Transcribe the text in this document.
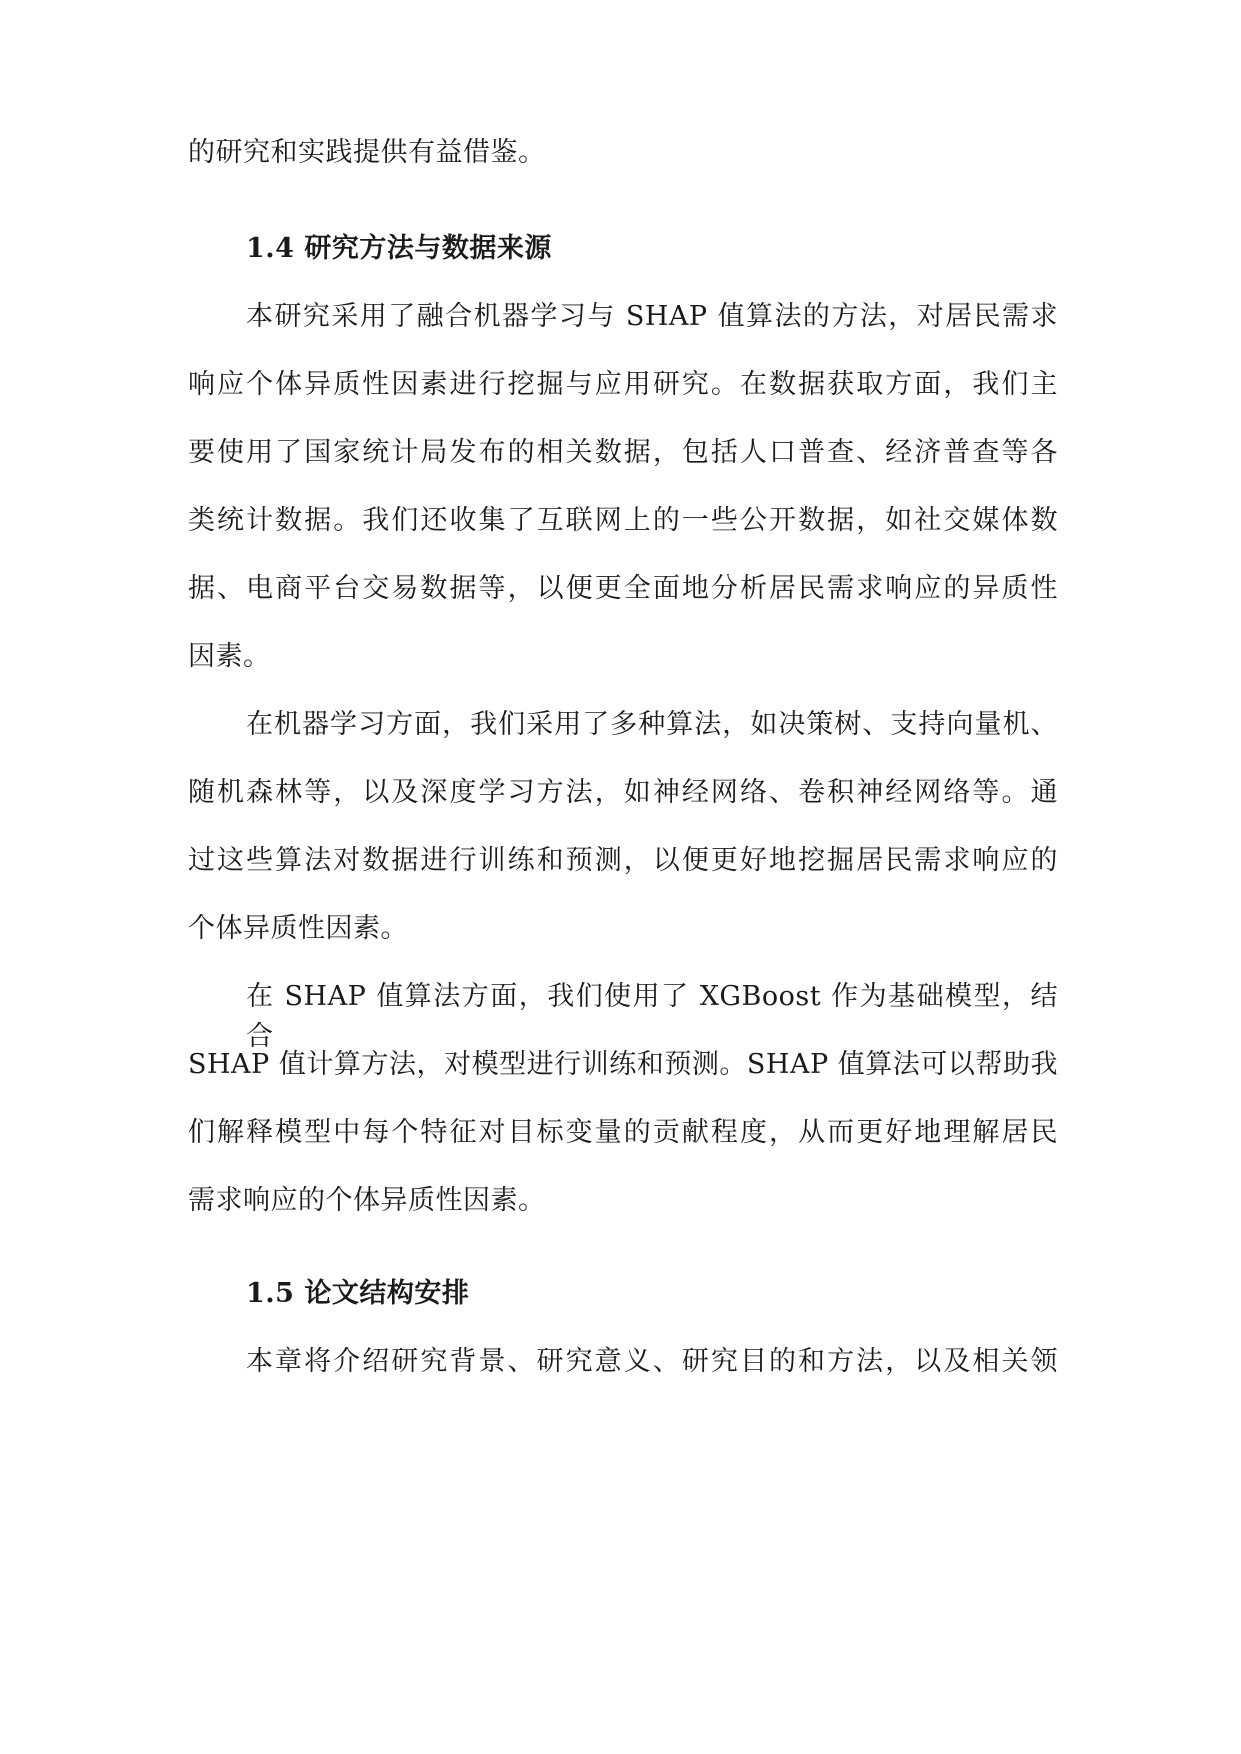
的研究和实践提供有益借鉴。
1.4 研究方法与数据来源
本研究采用了融合机器学习与 SHAP 值算法的方法，对居民需求
响应个体异质性因素进行挖掘与应用研究。在数据获取方面，我们主
要使用了国家统计局发布的相关数据，包括人口普查、经济普查等各
类统计数据。我们还收集了互联网上的一些公开数据，如社交媒体数
据、电商平台交易数据等，以便更全面地分析居民需求响应的异质性
因素。
在机器学习方面，我们采用了多种算法，如决策树、支持向量机、
随机森林等，以及深度学习方法，如神经网络、卷积神经网络等。通
过这些算法对数据进行训练和预测，以便更好地挖掘居民需求响应的
个体异质性因素。
在 SHAP 值算法方面，我们使用了 XGBoost 作为基础模型，结合
SHAP 值计算方法，对模型进行训练和预测。SHAP 值算法可以帮助我
们解释模型中每个特征对目标变量的贡献程度，从而更好地理解居民
需求响应的个体异质性因素。
1.5 论文结构安排
本章将介绍研究背景、研究意义、研究目的和方法，以及相关领
